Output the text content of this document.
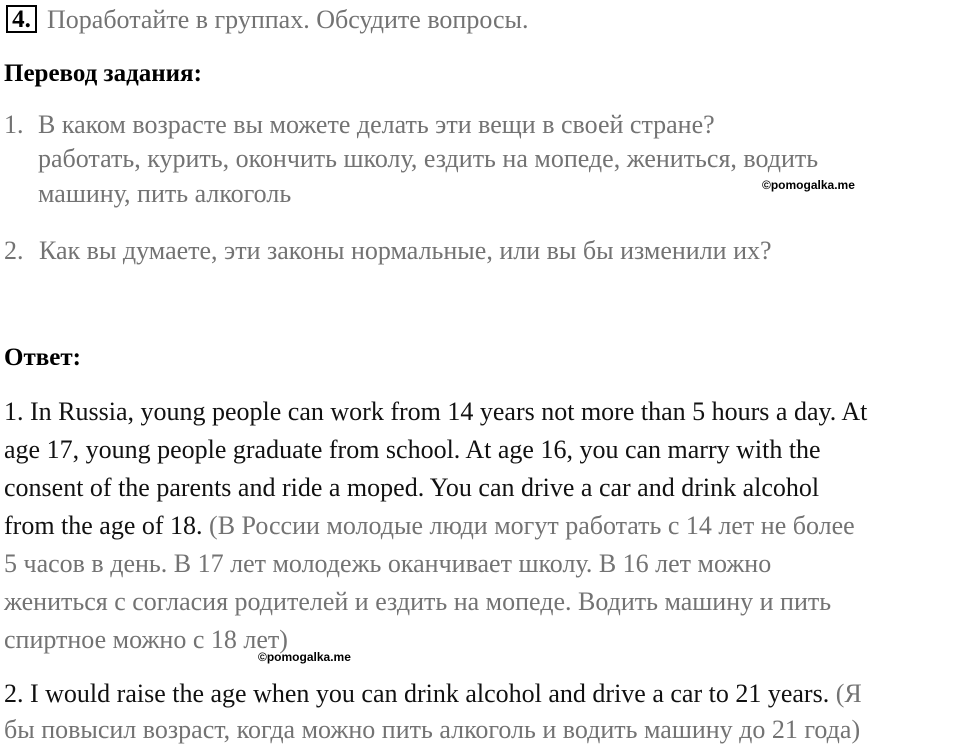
4. Поработайте в группах. Обсудите вопросы.
Перевод задания:
1. В каком возрасте вы можете делать эти вещи в своей стране?
работать, курить, окончить школу, ездить на мопеде, жениться, водить
машину, пить алкоголь	©pomogalka.me
2. Как вы думаете, эти законы нормальные, или вы бы изменили их?
Ответ:
1. In Russia, young people can work from 14 years not more than 5 hours a day. At
age 17, young people graduate from school. At age 16, you can marry with the
consent of the parents and ride a moped. You can drive a car and drink alcohol
from the age of 18. (В России молодые люди могут работать с 14 лет не более
5 часов в день. В 17 лет молодежь оканчивает школу. В 16 лет можно
жениться с согласия родителей и ездить на мопеде. Водить машину и пить
спиртное можно с 18 лет)
©pomogalka.me
2. I would raise the age when you can drink alcohol and drive a car to 21 years. (Я
бы повысил возраст, когда можно пить алкоголь и водить машину до 21 года)
